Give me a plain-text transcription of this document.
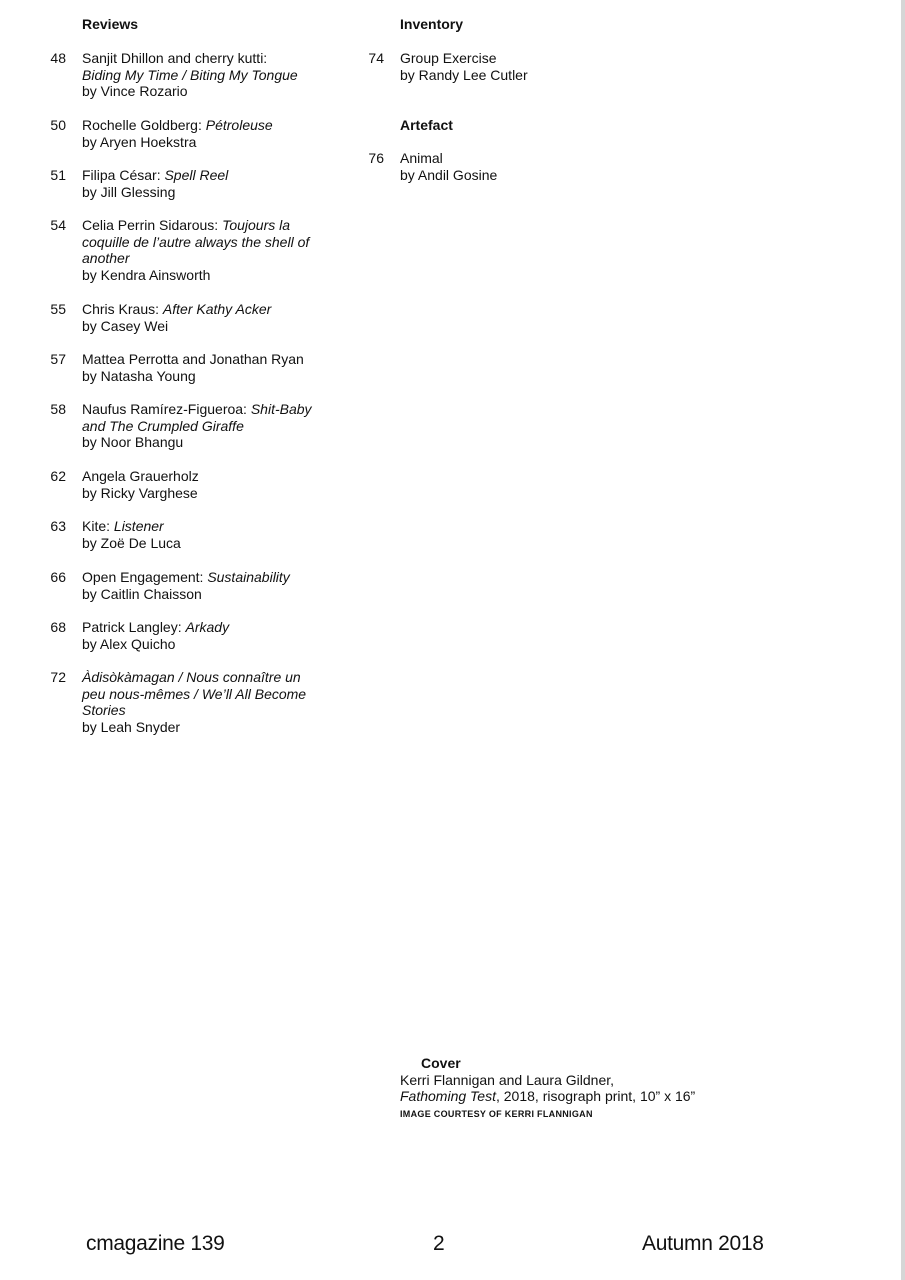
Reviews
48 Sanjit Dhillon and cherry kutti:
Biding My Time / Biting My Tongue
by Vince Rozario
50 Rochelle Goldberg: Pétroleuse
by Aryen Hoekstra
51 Filipa César: Spell Reel
by Jill Glessing
54 Celia Perrin Sidarous: Toujours la coquille de l’autre always the shell of another
by Kendra Ainsworth
55 Chris Kraus: After Kathy Acker
by Casey Wei
57 Mattea Perrotta and Jonathan Ryan
by Natasha Young
58 Naufus Ramírez-Figueroa: Shit-Baby and The Crumpled Giraffe
by Noor Bhangu
62 Angela Grauerholz
by Ricky Varghese
63 Kite: Listener
by Zoë De Luca
66 Open Engagement: Sustainability
by Caitlin Chaisson
68 Patrick Langley: Arkady
by Alex Quicho
72 Àdisòkàmagan / Nous connaître un peu nous-mêmes / We’ll All Become Stories
by Leah Snyder
Inventory
74 Group Exercise
by Randy Lee Cutler
Artefact
76 Animal
by Andil Gosine
Cover
Kerri Flannigan and Laura Gildner,
Fathoming Test, 2018, risograph print, 10” x 16”
IMAGE COURTESY OF KERRI FLANNIGAN
cmagazine 139	2	Autumn 2018
